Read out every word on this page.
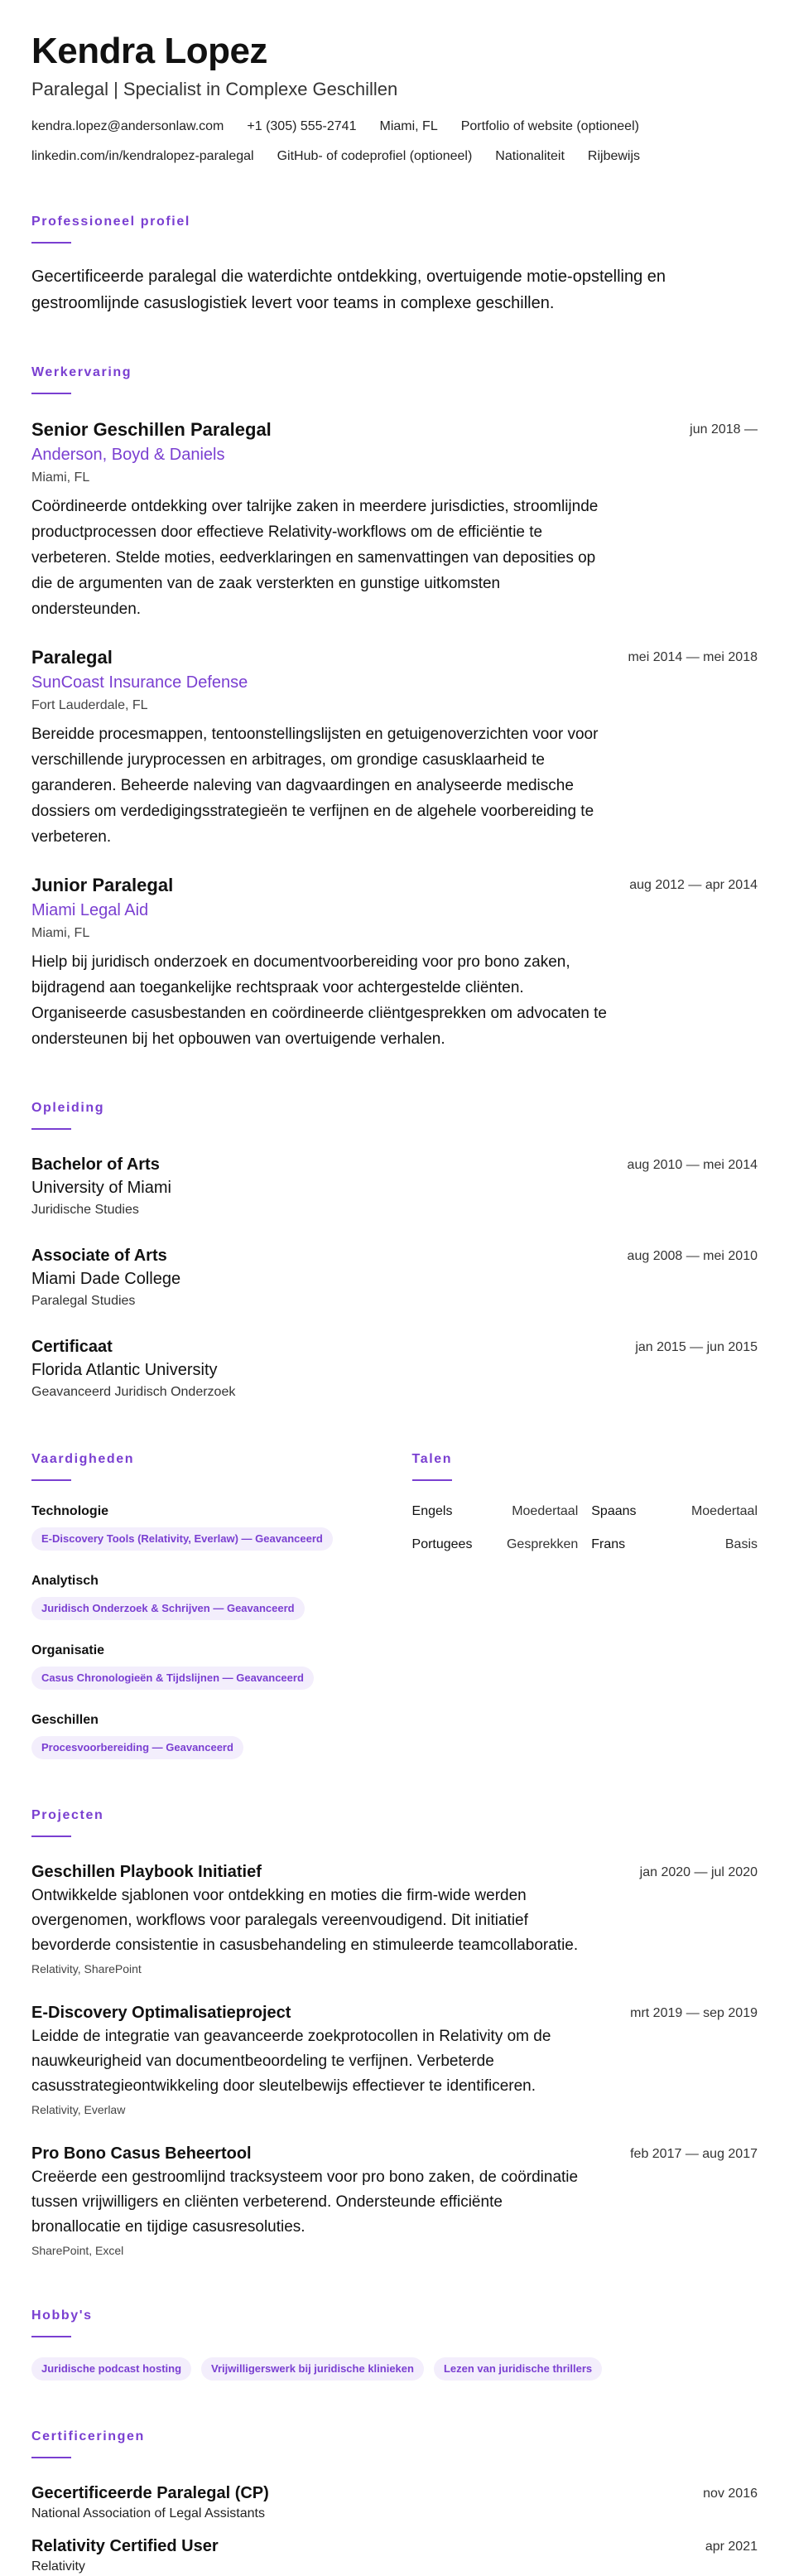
Kendra Lopez
Paralegal | Specialist in Complexe Geschillen
kendra.lopez@andersonlaw.com +1 (305) 555-2741 Miami, FL Portfolio of website (optioneel)
linkedin.com/in/kendralopez-paralegal GitHub- of codeprofiel (optioneel) Nationaliteit Rijbewijs
Professioneel profiel
Gecertificeerde paralegal die waterdichte ontdekking, overtuigende motie-opstelling en gestroomlijnde casuslogistiek levert voor teams in complexe geschillen.
Werkervaring
Senior Geschillen Paralegal	jun 2018 —
Anderson, Boyd & Daniels
Miami, FL
Coördineerde ontdekking over talrijke zaken in meerdere jurisdicties, stroomlijnde productprocessen door effectieve Relativity-workflows om de efficiëntie te verbeteren. Stelde moties, eedverklaringen en samenvattingen van deposities op die de argumenten van de zaak versterkten en gunstige uitkomsten ondersteunden.
Paralegal	mei 2014 — mei 2018
SunCoast Insurance Defense
Fort Lauderdale, FL
Bereidde procesmappen, tentoonstellingslijsten en getuigenoverzichten voor voor verschillende juryprocessen en arbitrages, om grondige casusklaarheid te garanderen. Beheerde naleving van dagvaardingen en analyseerde medische dossiers om verdedigingsstrategieën te verfijnen en de algehele voorbereiding te verbeteren.
Junior Paralegal	aug 2012 — apr 2014
Miami Legal Aid
Miami, FL
Hielp bij juridisch onderzoek en documentvoorbereiding voor pro bono zaken, bijdragend aan toegankelijke rechtspraak voor achtergestelde cliënten. Organiseerde casusbestanden en coördineerde cliëntgesprekken om advocaten te ondersteunen bij het opbouwen van overtuigende verhalen.
Opleiding
Bachelor of Arts	aug 2010 — mei 2014
University of Miami
Juridische Studies
Associate of Arts	aug 2008 — mei 2010
Miami Dade College
Paralegal Studies
Certificaat	jan 2015 — jun 2015
Florida Atlantic University
Geavanceerd Juridisch Onderzoek
Vaardigheden
Technologie
E-Discovery Tools (Relativity, Everlaw) — Geavanceerd
Analytisch
Juridisch Onderzoek & Schrijven — Geavanceerd
Organisatie
Casus Chronologieën & Tijdslijnen — Geavanceerd
Geschillen
Procesvoorbereiding — Geavanceerd
Talen
Engels	Moedertaal Spaans	Moedertaal
Portugees	Gesprekken Frans	Basis
Projecten
Geschillen Playbook Initiatief	jan 2020 — jul 2020
Ontwikkelde sjablonen voor ontdekking en moties die firm-wide werden overgenomen, workflows voor paralegals vereenvoudigend. Dit initiatief bevorderde consistentie in casusbehandeling en stimuleerde teamcollaboratie.
Relativity, SharePoint
E-Discovery Optimalisatieproject	mrt 2019 — sep 2019
Leidde de integratie van geavanceerde zoekprotocollen in Relativity om de nauwkeurigheid van documentbeoordeling te verfijnen. Verbeterde casusstrategieontwikkeling door sleutelbewijs effectiever te identificeren.
Relativity, Everlaw
Pro Bono Casus Beheertool	feb 2017 — aug 2017
Creëerde een gestroomlijnd tracksysteem voor pro bono zaken, de coördinatie tussen vrijwilligers en cliënten verbeterend. Ondersteunde efficiënte bronallocatie en tijdige casusresoluties.
SharePoint, Excel
Hobby's
Juridische podcast hosting	Vrijwilligerswerk bij juridische klinieken	Lezen van juridische thrillers
Certificeringen
Gecertificeerde Paralegal (CP)	nov 2016
National Association of Legal Assistants
Relativity Certified User	apr 2021
Relativity
